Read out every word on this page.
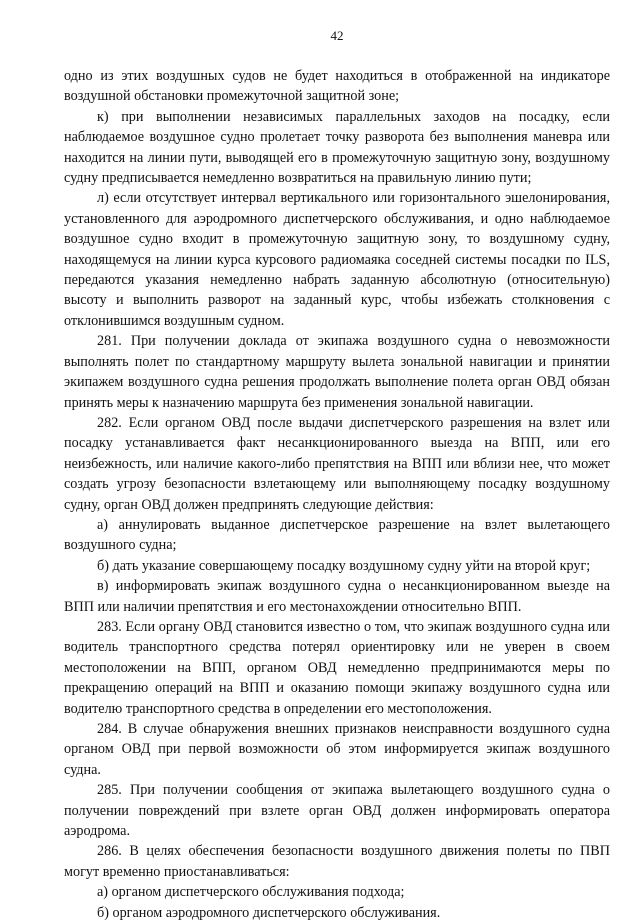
42

одно из этих воздушных судов не будет находиться в отображенной на индикаторе воздушной обстановки промежуточной защитной зоне;

к) при выполнении независимых параллельных заходов на посадку, если наблюдаемое воздушное судно пролетает точку разворота без выполнения маневра или находится на линии пути, выводящей его в промежуточную защитную зону, воздушному судну предписывается немедленно возвратиться на правильную линию пути;

л) если отсутствует интервал вертикального или горизонтального эшелонирования, установленного для аэродромного диспетчерского обслуживания, и одно наблюдаемое воздушное судно входит в промежуточную защитную зону, то воздушному судну, находящемуся на линии курса курсового радиомаяка соседней системы посадки по ILS, передаются указания немедленно набрать заданную абсолютную (относительную) высоту и выполнить разворот на заданный курс, чтобы избежать столкновения с отклонившимся воздушным судном.

281. При получении доклада от экипажа воздушного судна о невозможности выполнять полет по стандартному маршруту вылета зональной навигации и принятии экипажем воздушного судна решения продолжать выполнение полета орган ОВД обязан принять меры к назначению маршрута без применения зональной навигации.

282. Если органом ОВД после выдачи диспетчерского разрешения на взлет или посадку устанавливается факт несанкционированного выезда на ВПП, или его неизбежность, или наличие какого-либо препятствия на ВПП или вблизи нее, что может создать угрозу безопасности взлетающему или выполняющему посадку воздушному судну, орган ОВД должен предпринять следующие действия:

а) аннулировать выданное диспетчерское разрешение на взлет вылетающего воздушного судна;

б) дать указание совершающему посадку воздушному судну уйти на второй круг;

в) информировать экипаж воздушного судна о несанкционированном выезде на ВПП или наличии препятствия и его местонахождении относительно ВПП.

283. Если органу ОВД становится известно о том, что экипаж воздушного судна или водитель транспортного средства потерял ориентировку или не уверен в своем местоположении на ВПП, органом ОВД немедленно предпринимаются меры по прекращению операций на ВПП и оказанию помощи экипажу воздушного судна или водителю транспортного средства в определении его местоположения.

284. В случае обнаружения внешних признаков неисправности воздушного судна органом ОВД при первой возможности об этом информируется экипаж воздушного судна.

285. При получении сообщения от экипажа вылетающего воздушного судна о получении повреждений при взлете орган ОВД должен информировать оператора аэродрома.

286. В целях обеспечения безопасности воздушного движения полеты по ПВП могут временно приостанавливаться:

а) органом диспетчерского обслуживания подхода;

б) органом аэродромного диспетчерского обслуживания.
